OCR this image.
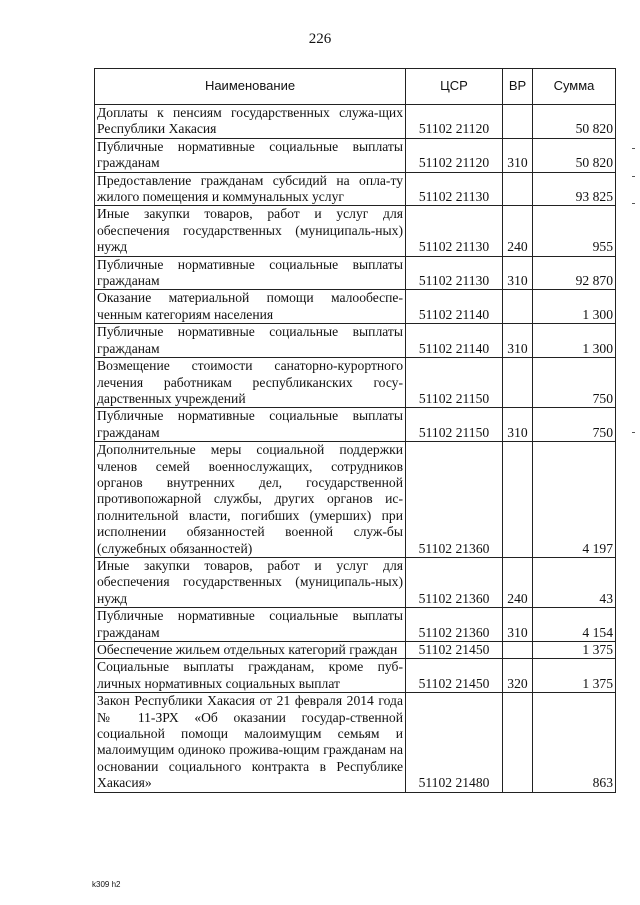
226
Наименование	ЦСР	ВР	Сумма
Доплаты к пенсиям государственных служа-щих Республики Хакасия	51102 21120		50 820
Публичные нормативные социальные выплаты гражданам	51102 21120	310	50 820
Предоставление гражданам субсидий на опла-ту жилого помещения и коммунальных услуг	51102 21130		93 825
Иные закупки товаров, работ и услуг для обеспечения государственных (муниципаль-ных) нужд	51102 21130	240	955
Публичные нормативные социальные выплаты гражданам	51102 21130	310	92 870
Оказание материальной помощи малообеспе-ченным категориям населения	51102 21140		1 300
Публичные нормативные социальные выплаты гражданам	51102 21140	310	1 300
Возмещение стоимости санаторно-курортного лечения работникам республиканских госу-дарственных учреждений	51102 21150		750
Публичные нормативные социальные выплаты гражданам	51102 21150	310	750
Дополнительные меры социальной поддержки членов семей военнослужащих, сотрудников органов внутренних дел, государственной противопожарной службы, других органов ис-полнительной власти, погибших (умерших) при исполнении обязанностей военной служ-бы (служебных обязанностей)	51102 21360		4 197
Иные закупки товаров, работ и услуг для обеспечения государственных (муниципаль-ных) нужд	51102 21360	240	43
Публичные нормативные социальные выплаты гражданам	51102 21360	310	4 154
Обеспечение жильем отдельных категорий граждан	51102 21450		1 375
Социальные выплаты гражданам, кроме пуб-личных нормативных социальных выплат	51102 21450	320	1 375
Закон Республики Хакасия от 21 февраля 2014 года № 11-ЗРХ «Об оказании государ-ственной социальной помощи малоимущим семьям и малоимущим одиноко прожива-ющим гражданам на основании социального контракта в Республике Хакасия»	51102 21480		863
k309 h2
